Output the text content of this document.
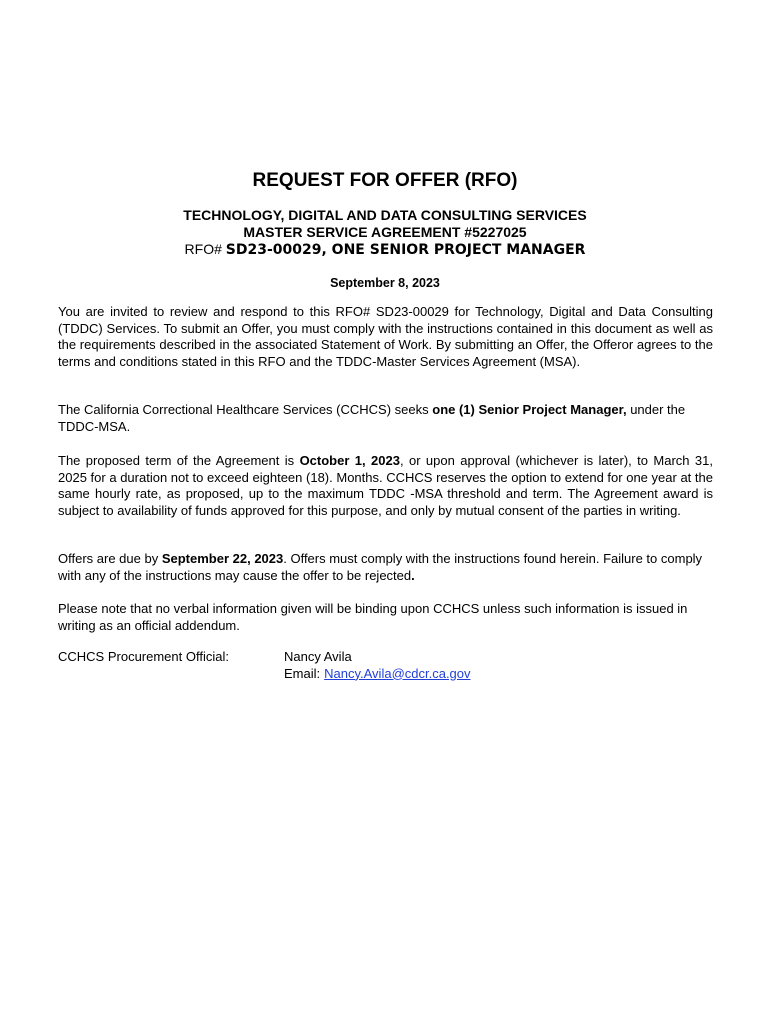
REQUEST FOR OFFER (RFO)
TECHNOLOGY, DIGITAL AND DATA CONSULTING SERVICES
MASTER SERVICE AGREEMENT #5227025
RFO# SD23-00029, ONE SENIOR PROJECT MANAGER
September 8, 2023

You are invited to review and respond to this RFO# SD23-00029 for Technology, Digital and Data Consulting (TDDC) Services. To submit an Offer, you must comply with the instructions contained in this document as well as the requirements described in the associated Statement of Work. By submitting an Offer, the Offeror agrees to the terms and conditions stated in this RFO and the TDDC-Master Services Agreement (MSA).

The California Correctional Healthcare Services (CCHCS) seeks one (1) Senior Project Manager, under the TDDC-MSA.

The proposed term of the Agreement is October 1, 2023, or upon approval (whichever is later), to March 31, 2025 for a duration not to exceed eighteen (18). Months. CCHCS reserves the option to extend for one year at the same hourly rate, as proposed, up to the maximum TDDC -MSA threshold and term. The Agreement award is subject to availability of funds approved for this purpose, and only by mutual consent of the parties in writing.

Offers are due by September 22, 2023. Offers must comply with the instructions found herein. Failure to comply with any of the instructions may cause the offer to be rejected.

Please note that no verbal information given will be binding upon CCHCS unless such information is issued in writing as an official addendum.

CCHCS Procurement Official:	Nancy Avila
Email: Nancy.Avila@cdcr.ca.gov
